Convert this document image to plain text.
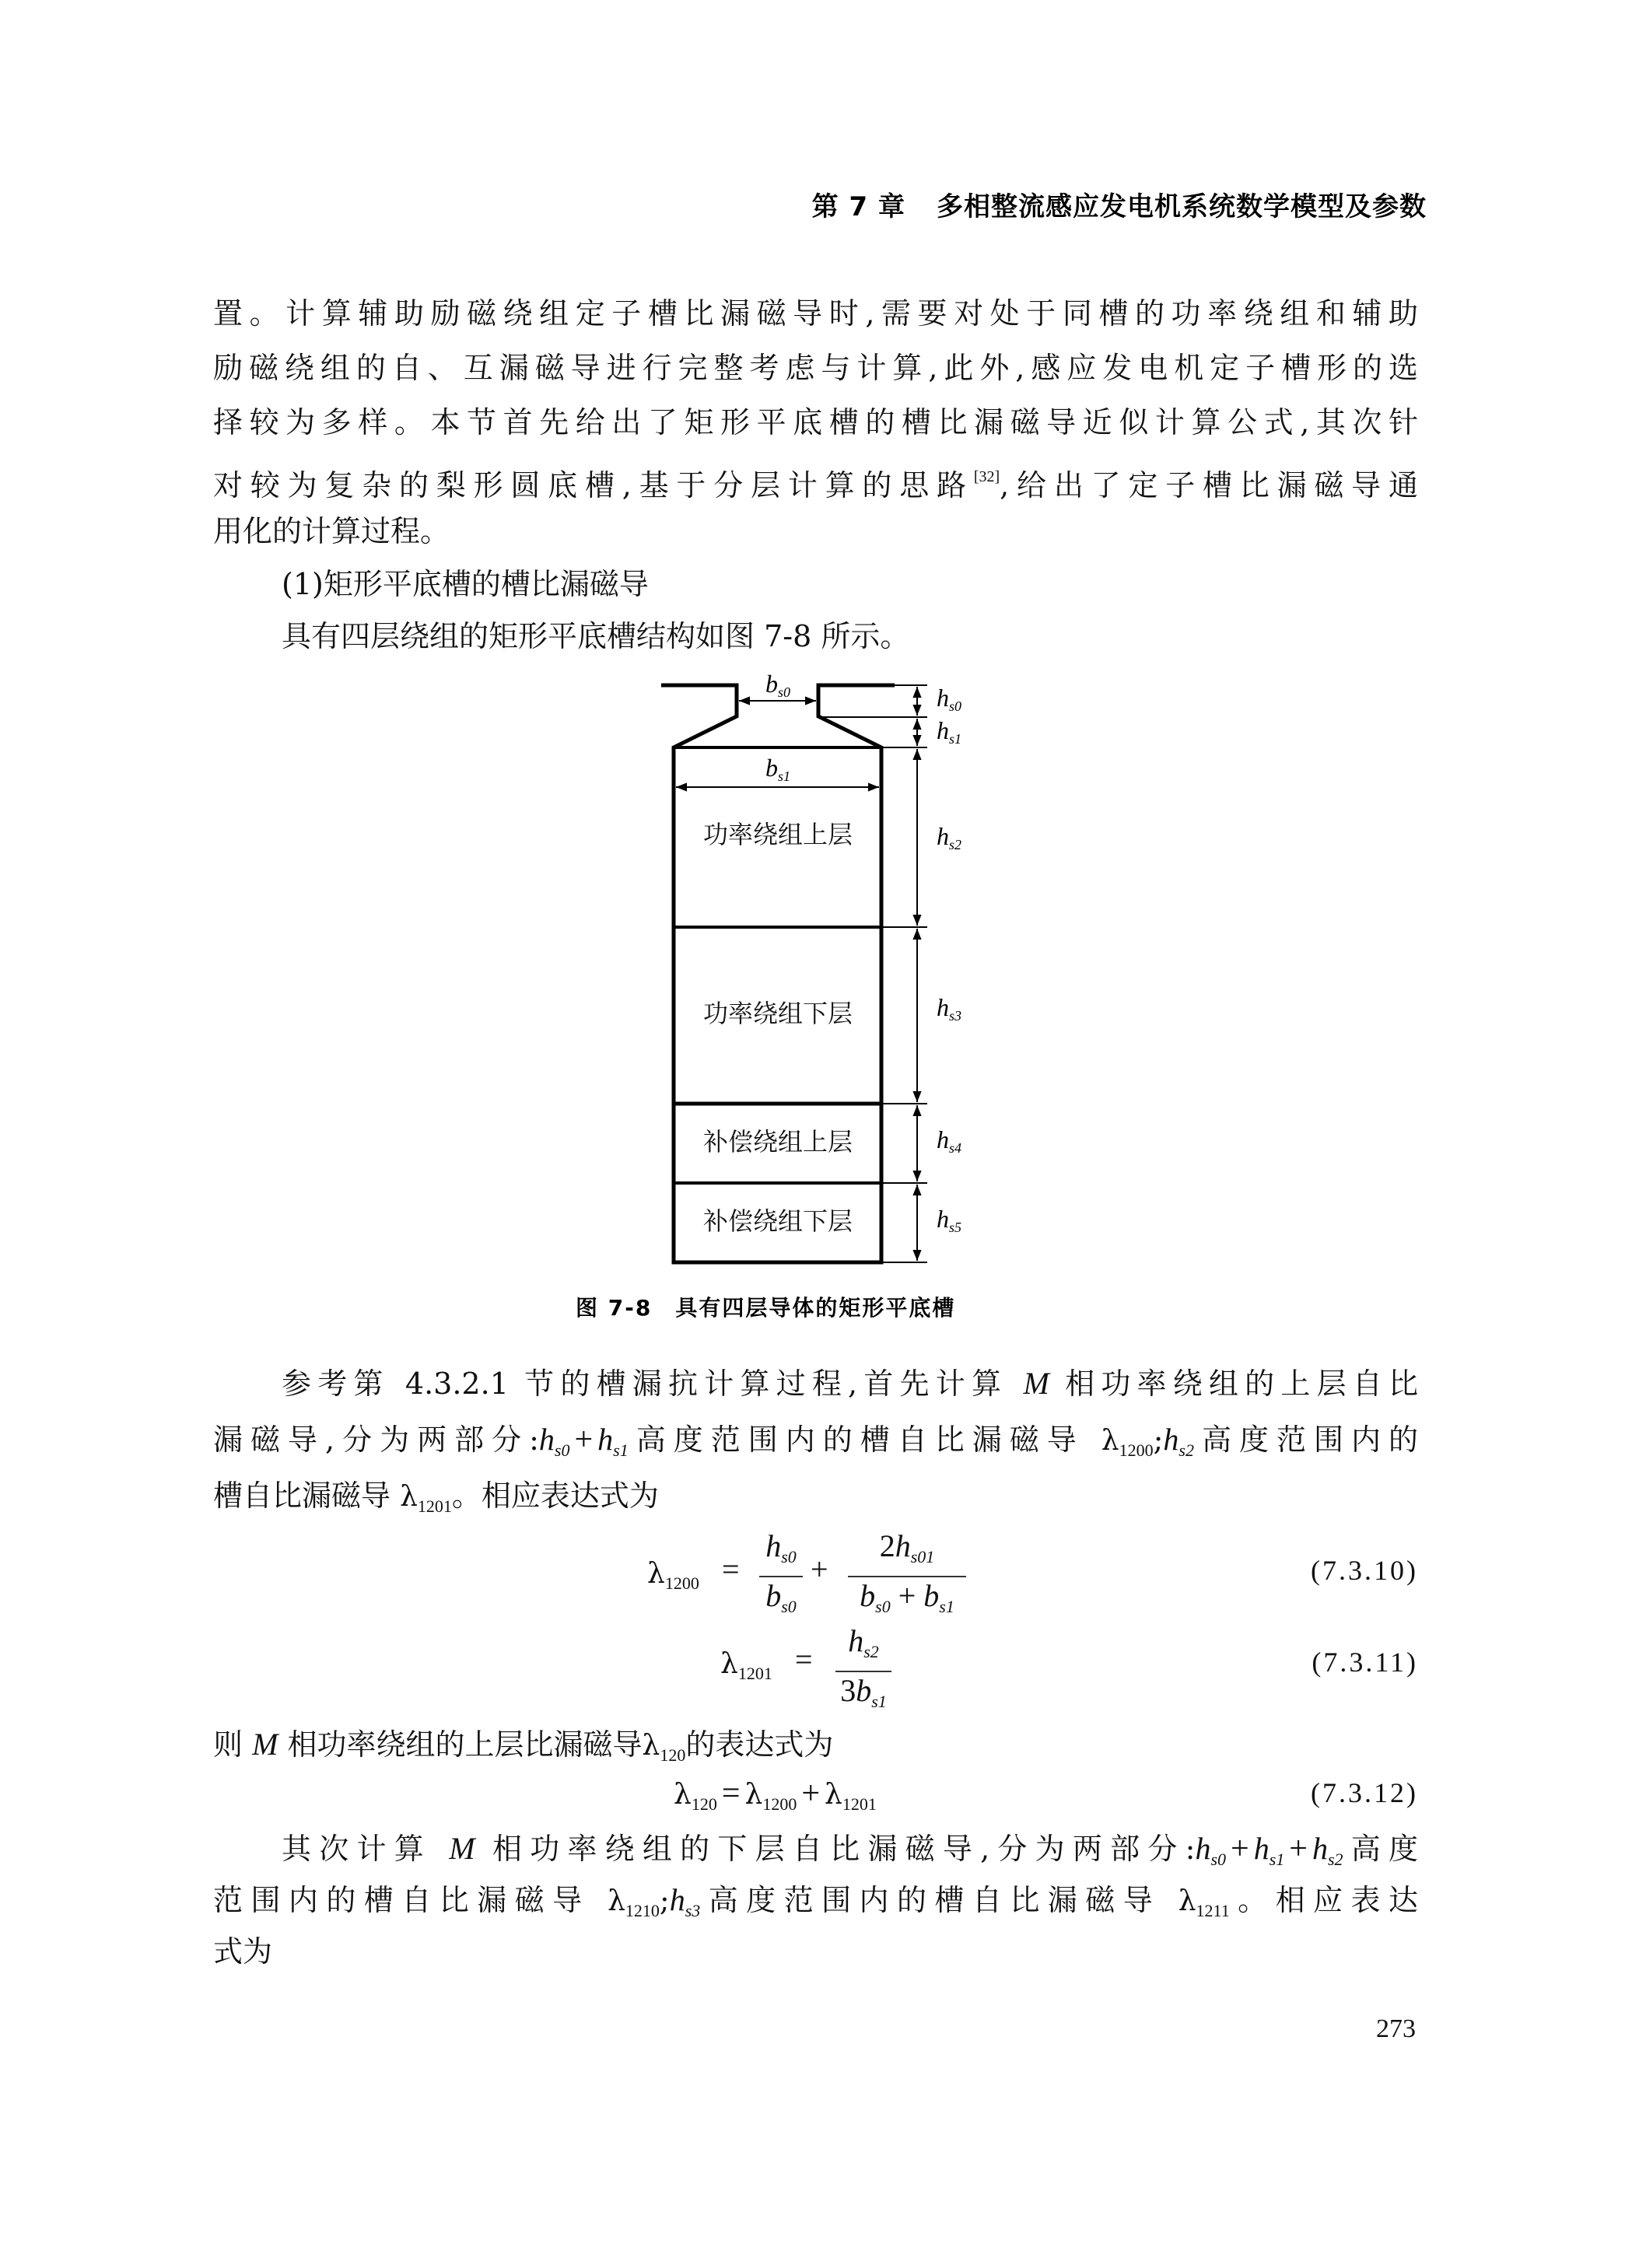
第 7 章 多相整流感应发电机系统数学模型及参数
置。计算辅助励磁绕组定子槽比漏磁导时,需要对处于同槽的功率绕组和辅助
励磁绕组的自、互漏磁导进行完整考虑与计算,此外,感应发电机定子槽形的选
择较为多样。本节首先给出了矩形平底槽的槽比漏磁导近似计算公式,其次针
对较为复杂的梨形圆底槽,基于分层计算的思路[32],给出了定子槽比漏磁导通
用化的计算过程。
(1)矩形平底槽的槽比漏磁导
具有四层绕组的矩形平底槽结构如图 7-8 所示。
bs0
bs1
hs0
hs1
hs2
hs3
hs4
hs5
功率绕组上层
功率绕组下层
补偿绕组上层
补偿绕组下层
图 7-8　具有四层导体的矩形平底槽
参考第 4.3.2.1 节的槽漏抗计算过程,首先计算 M 相功率绕组的上层自比
漏磁导,分为两部分$:h_{s0} + h_{s1}$高度范围内的槽自比漏磁导 $\lambda_{1200};h_{s2}$高度范围内的
槽自比漏磁导 $\lambda_{1201}$。相应表达式为
$\lambda_{1200}$ =
$h_{s0}$
$b_{s0}$
+
$2h_{s01}$
$b_{s0} + b_{s1}$
(7.3.10)
$\lambda_{1201}$ =
$h_{s2}$
$3b_{s1}$
(7.3.11)
则 M 相功率绕组的上层比漏磁导$\lambda_{120}$的表达式为
$\lambda_{120} = \lambda_{1200} + \lambda_{1201}$	(7.3.12)
其次计算 M 相功率绕组的下层自比漏磁导,分为两部分$:h_{s0} + h_{s1} + h_{s2}$高度
范围内的槽自比漏磁导 $\lambda_{1210};h_{s3}$高度范围内的槽自比漏磁导 $\lambda_{1211}$。相应表达
式为
273
